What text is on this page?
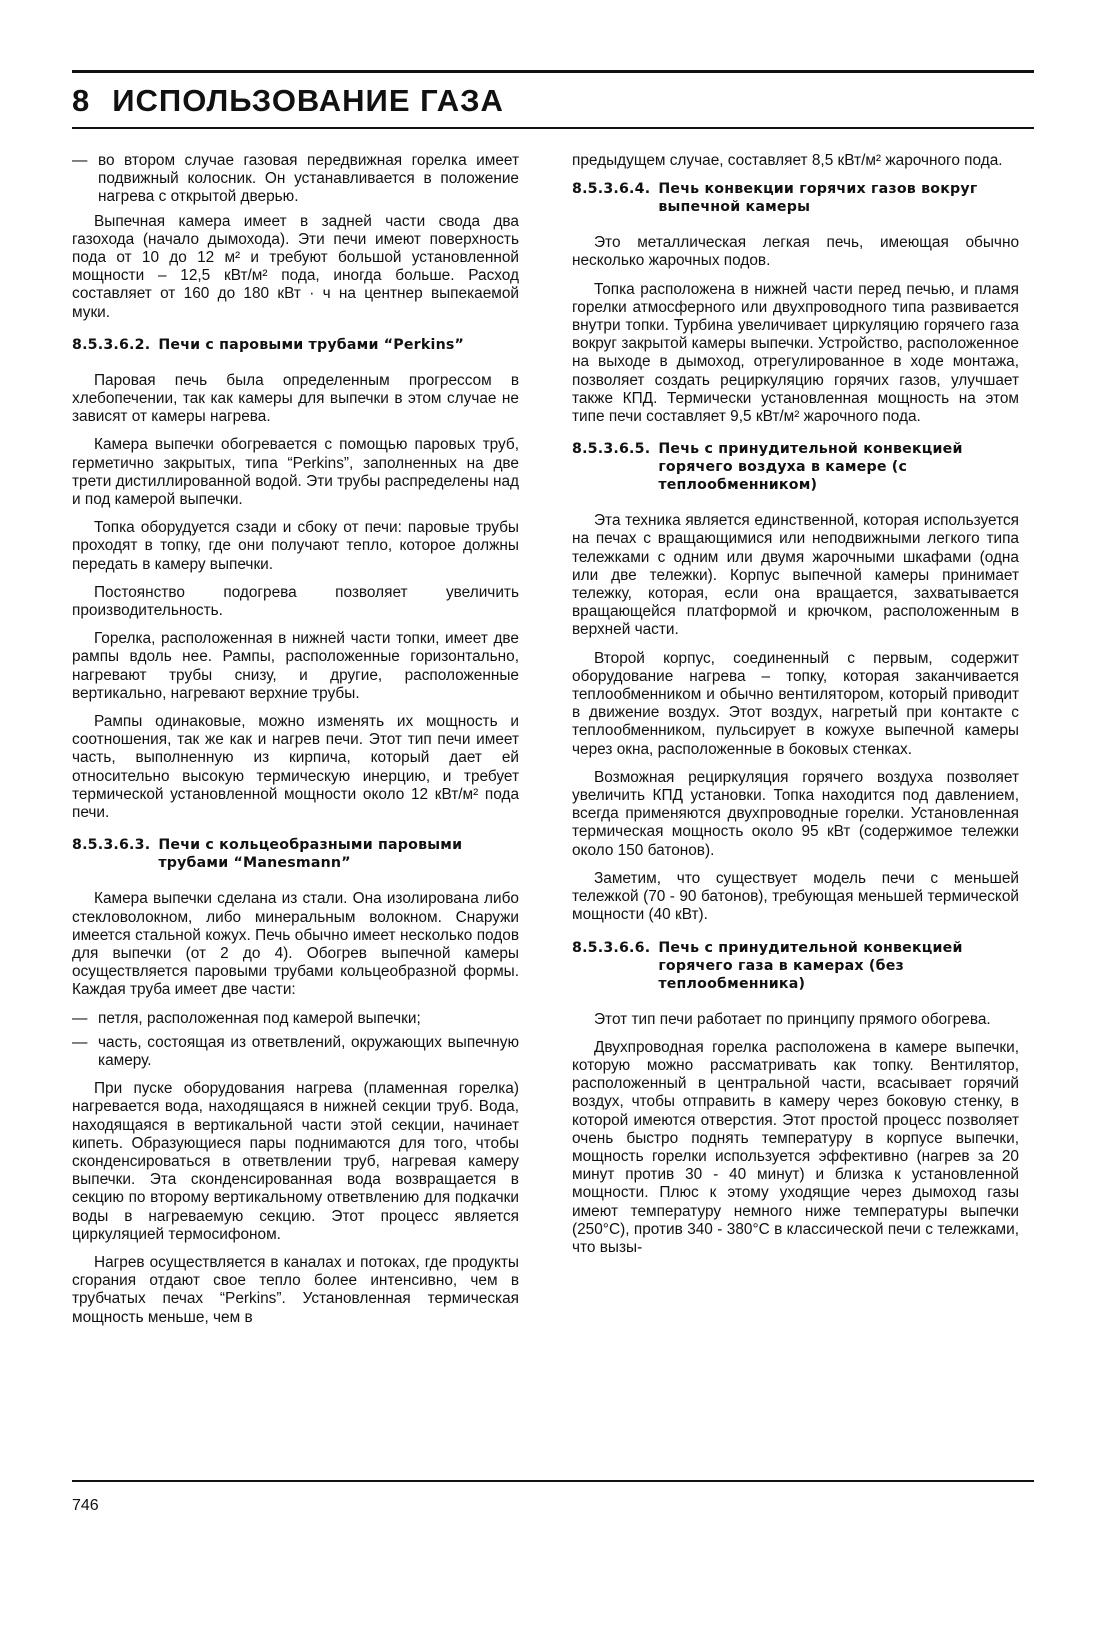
8 ИСПОЛЬЗОВАНИЕ ГАЗА
— во втором случае газовая передвижная горелка имеет подвижный колосник. Он устанавливается в положение нагрева с открытой дверью.

Выпечная камера имеет в задней части свода два газохода (начало дымохода). Эти печи имеют поверхность пода от 10 до 12 м² и требуют большой установленной мощности – 12,5 кВт/м² пода, иногда больше. Расход составляет от 160 до 180 кВт · ч на центнер выпекаемой муки.

8.5.3.6.2. Печи с паровыми трубами “Perkins”

Паровая печь была определенным прогрессом в хлебопечении, так как камеры для выпечки в этом случае не зависят от камеры нагрева.

Камера выпечки обогревается с помощью паровых труб, герметично закрытых, типа “Perkins”, заполненных на две трети дистиллированной водой. Эти трубы распределены над и под камерой выпечки.

Топка оборудуется сзади и сбоку от печи: паровые трубы проходят в топку, где они получают тепло, которое должны передать в камеру выпечки.

Постоянство подогрева позволяет увеличить производительность.

Горелка, расположенная в нижней части топки, имеет две рампы вдоль нее. Рампы, расположенные горизонтально, нагревают трубы снизу, и другие, расположенные вертикально, нагревают верхние трубы.

Рампы одинаковые, можно изменять их мощность и соотношения, так же как и нагрев печи. Этот тип печи имеет часть, выполненную из кирпича, который дает ей относительно высокую термическую инерцию, и требует термической установленной мощности около 12 кВт/м² пода печи.

8.5.3.6.3. Печи с кольцеобразными паровыми трубами “Manesmann”

Камера выпечки сделана из стали. Она изолирована либо стекловолокном, либо минеральным волокном. Снаружи имеется стальной кожух. Печь обычно имеет несколько подов для выпечки (от 2 до 4). Обогрев выпечной камеры осуществляется паровыми трубами кольцеобразной формы. Каждая труба имеет две части:

— петля, расположенная под камерой выпечки;
— часть, состоящая из ответвлений, окружающих выпечную камеру.

При пуске оборудования нагрева (пламенная горелка) нагревается вода, находящаяся в нижней секции труб. Вода, находящаяся в вертикальной части этой секции, начинает кипеть. Образующиеся пары поднимаются для того, чтобы сконденсироваться в ответвлении труб, нагревая камеру выпечки. Эта сконденсированная вода возвращается в секцию по второму вертикальному ответвлению для подкачки воды в нагреваемую секцию. Этот процесс является циркуляцией термосифоном.

Нагрев осуществляется в каналах и потоках, где продукты сгорания отдают свое тепло более интенсивно, чем в трубчатых печах “Perkins”. Установленная термическая мощность меньше, чем в

предыдущем случае, составляет 8,5 кВт/м² жарочного пода.

8.5.3.6.4. Печь конвекции горячих газов вокруг выпечной камеры

Это металлическая легкая печь, имеющая обычно несколько жарочных подов.

Топка расположена в нижней части перед печью, и пламя горелки атмосферного или двухпроводного типа развивается внутри топки. Турбина увеличивает циркуляцию горячего газа вокруг закрытой камеры выпечки. Устройство, расположенное на выходе в дымоход, отрегулированное в ходе монтажа, позволяет создать рециркуляцию горячих газов, улучшает также КПД. Термически установленная мощность на этом типе печи составляет 9,5 кВт/м² жарочного пода.

8.5.3.6.5. Печь с принудительной конвекцией горячего воздуха в камере (с теплообменником)

Эта техника является единственной, которая используется на печах с вращающимися или неподвижными легкого типа тележками с одним или двумя жарочными шкафами (одна или две тележки). Корпус выпечной камеры принимает тележку, которая, если она вращается, захватывается вращающейся платформой и крючком, расположенным в верхней части.

Второй корпус, соединенный с первым, содержит оборудование нагрева – топку, которая заканчивается теплообменником и обычно вентилятором, который приводит в движение воздух. Этот воздух, нагретый при контакте с теплообменником, пульсирует в кожухе выпечной камеры через окна, расположенные в боковых стенках.

Возможная рециркуляция горячего воздуха позволяет увеличить КПД установки. Топка находится под давлением, всегда применяются двухпроводные горелки. Установленная термическая мощность около 95 кВт (содержимое тележки около 150 батонов).

Заметим, что существует модель печи с меньшей тележкой (70 - 90 батонов), требующая меньшей термической мощности (40 кВт).

8.5.3.6.6. Печь с принудительной конвекцией горячего газа в камерах (без теплообменника)

Этот тип печи работает по принципу прямого обогрева.

Двухпроводная горелка расположена в камере выпечки, которую можно рассматривать как топку. Вентилятор, расположенный в центральной части, всасывает горячий воздух, чтобы отправить в камеру через боковую стенку, в которой имеются отверстия. Этот простой процесс позволяет очень быстро поднять температуру в корпусе выпечки, мощность горелки используется эффективно (нагрев за 20 минут против 30 - 40 минут) и близка к установленной мощности. Плюс к этому уходящие через дымоход газы имеют температуру немного ниже температуры выпечки (250°C), против 340 - 380°C в классической печи с тележками, что вызы-

746
